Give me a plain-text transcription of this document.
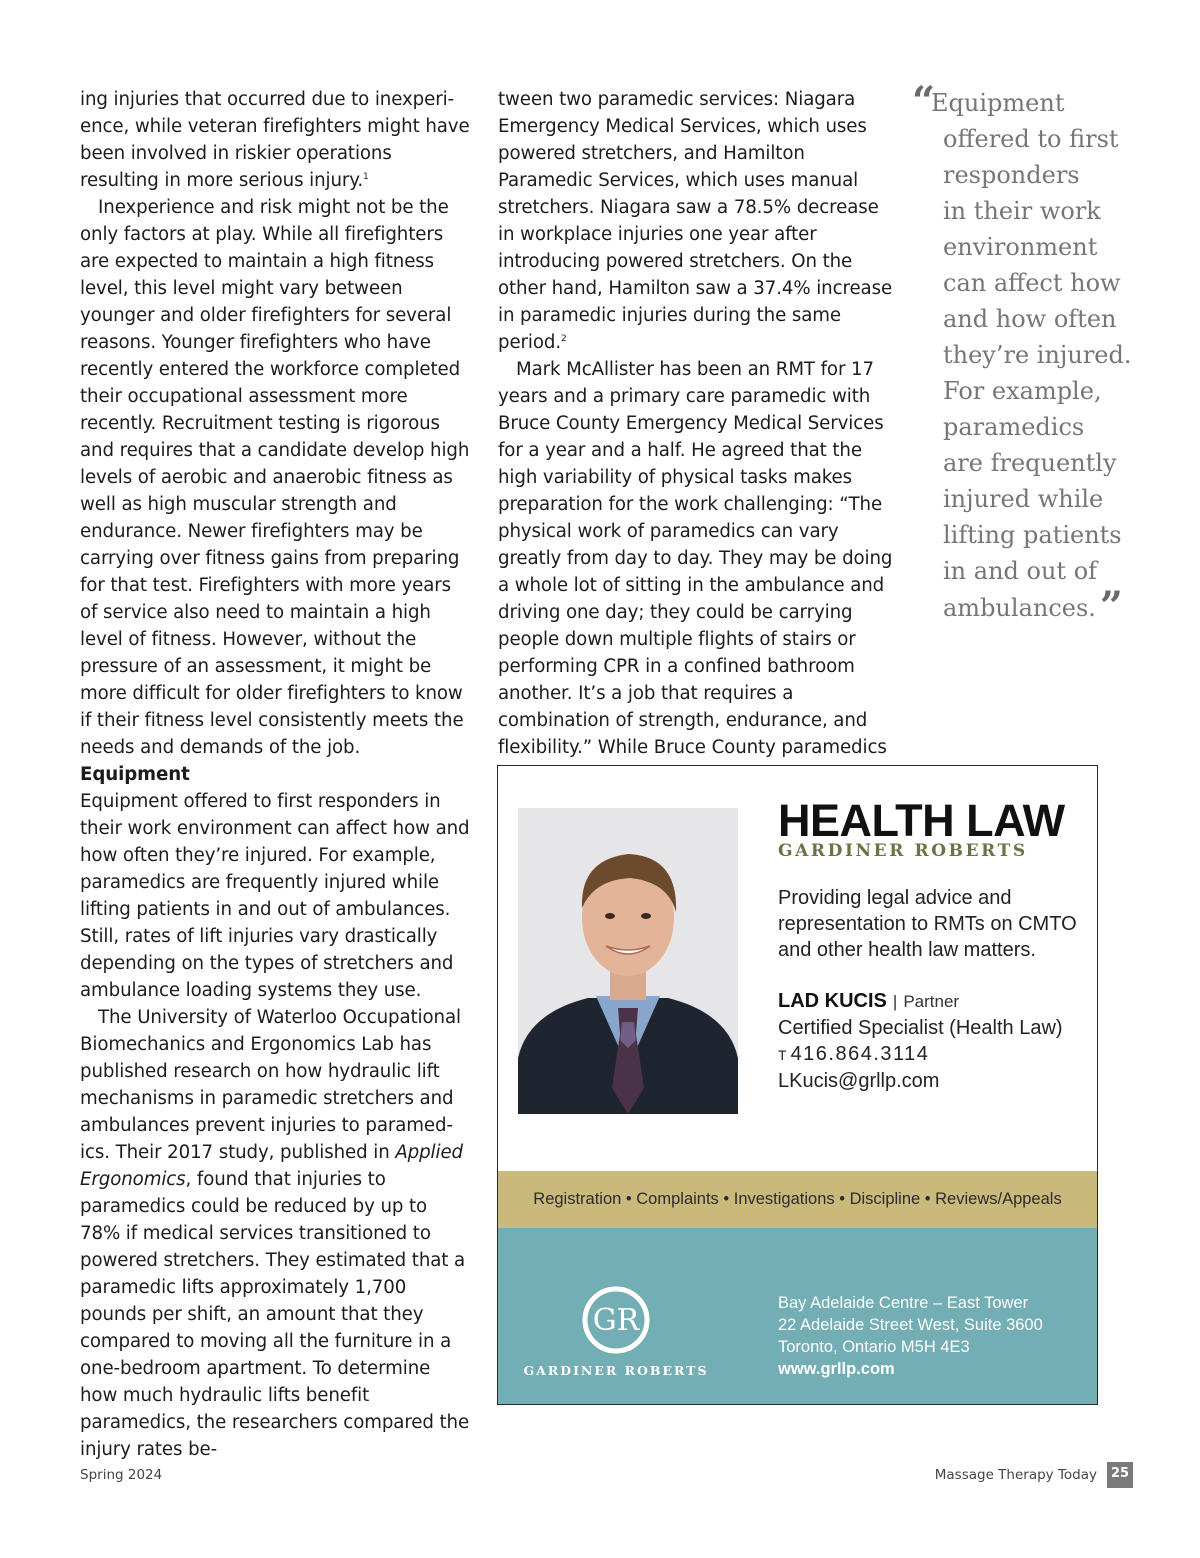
ing injuries that occurred due to inexperience, while veteran firefighters might have been involved in riskier operations resulting in more serious injury.$^1$

Inexperience and risk might not be the only factors at play. While all firefighters are expected to maintain a high fitness level, this level might vary between younger and older firefighters for several reasons. Younger firefighters who have recently entered the workforce completed their occupational assessment more recently. Recruitment testing is rigorous and requires that a candidate develop high levels of aerobic and anaerobic fitness as well as high muscular strength and endurance. Newer firefighters may be carrying over fitness gains from preparing for that test. Firefighters with more years of service also need to maintain a high level of fitness. However, without the pressure of an assessment, it might be more difficult for older firefighters to know if their fitness level consistently meets the needs and demands of the job.

tween two paramedic services: Niagara Emergency Medical Services, which uses powered stretchers, and Hamilton Paramedic Services, which uses manual stretchers. Niagara saw a 78.5% decrease in workplace injuries one year after introducing powered stretchers. On the other hand, Hamilton saw a 37.4% increase in paramedic injuries during the same period.$^2$

Mark McAllister has been an RMT for 17 years and a primary care paramedic with Bruce County Emergency Medical Services for a year and a half. He agreed that the high variability of physical tasks makes preparation for the work challenging: “The physical work of paramedics can vary greatly from day to day. They may be doing a whole lot of sitting in the ambulance and driving one day; they could be carrying people down multiple flights of stairs or performing CPR in a confined bathroom another. It’s a job that requires a combination of strength, endurance, and flexibility.” While Bruce County paramedics

“Equipment
offered to first
responders
in their work
environment
can affect how
and how often
they’re injured.
For example,
paramedics
are frequently
injured while
lifting patients
in and out of
ambulances. ”

Equipment

Equipment offered to first responders in their work environment can affect how and how often they’re injured. For example, paramedics are frequently injured while lifting patients in and out of ambulances. Still, rates of lift injuries vary drastically depending on the types of stretchers and ambulance loading systems they use.

The University of Waterloo Occupational Biomechanics and Ergonomics Lab has published research on how hydraulic lift mechanisms in paramedic stretchers and ambulances prevent injuries to paramedics. Their 2017 study, published in Applied Ergonomics, found that injuries to paramedics could be reduced by up to 78% if medical services transitioned to powered stretchers. They estimated that a paramedic lifts approximately 1,700 pounds per shift, an amount that they compared to moving all the furniture in a one-bedroom apartment. To determine how much hydraulic lifts benefit paramedics, the researchers compared the injury rates be-

HEALTH LAW
GARDINER ROBERTS
Providing legal advice and representation to RMTs on CMTO and other health law matters.
LAD KUCIS | Partner
Certified Specialist (Health Law)
T 416.864.3114
LKucis@grllp.com
Registration • Complaints • Investigations • Discipline • Reviews/Appeals
GR
GARDINER ROBERTS
Bay Adelaide Centre – East Tower
22 Adelaide Street West, Suite 3600
Toronto, Ontario M5H 4E3
www.grllp.com
Spring 2024	Massage Therapy Today	25
